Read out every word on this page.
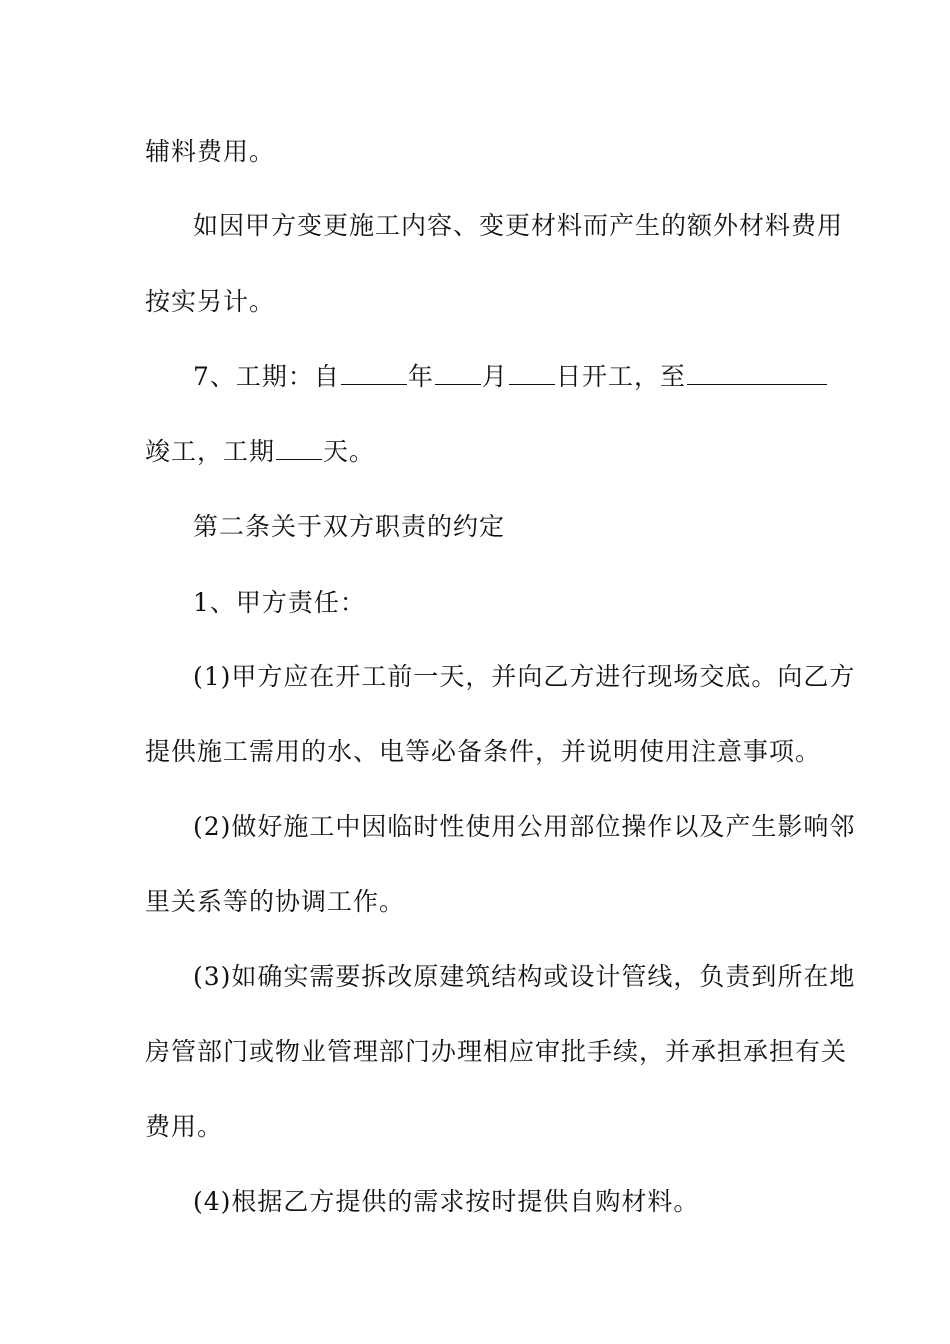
辅料费用。
如因甲方变更施工内容、变更材料而产生的额外材料费用
按实另计。
7、工期：自	年 月 日开工，至
竣工，工期 天。
第二条关于双方职责的约定
1、甲方责任：
(1)甲方应在开工前一天，并向乙方进行现场交底。向乙方
提供施工需用的水、电等必备条件，并说明使用注意事项。
(2)做好施工中因临时性使用公用部位操作以及产生影响邻
里关系等的协调工作。
(3)如确实需要拆改原建筑结构或设计管线，负责到所在地
房管部门或物业管理部门办理相应审批手续，并承担承担有关
费用。
(4)根据乙方提供的需求按时提供自购材料。
